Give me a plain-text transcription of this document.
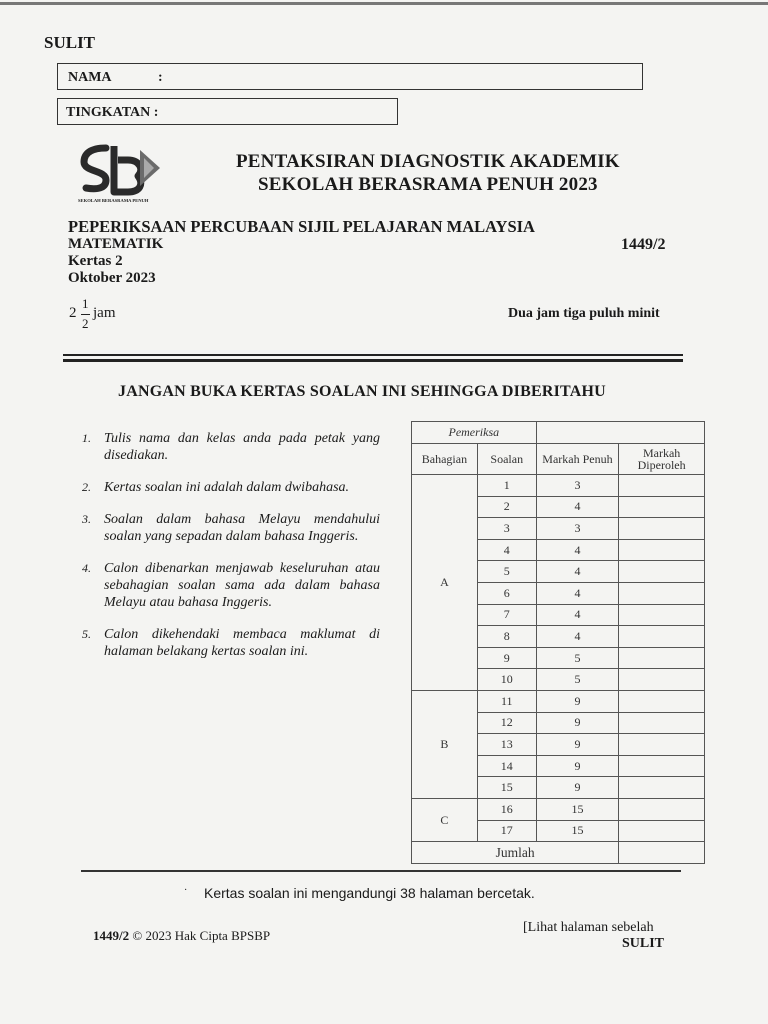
SULIT
NAMA	:
TINGKATAN :
SEKOLAH BERASRAMA PENUH
PENTAKSIRAN DIAGNOSTIK AKADEMIK
SEKOLAH BERASRAMA PENUH 2023
PEPERIKSAAN PERCUBAAN SIJIL PELAJARAN MALAYSIA
MATEMATIK	1449/2
Kertas 2
Oktober 2023
2
1
2
jam	Dua jam tiga puluh minit
JANGAN BUKA KERTAS SOALAN INI SEHINGGA DIBERITAHU
1. Tulis nama dan kelas anda pada petak yang disediakan.
2. Kertas soalan ini adalah dalam dwibahasa.
3. Soalan dalam bahasa Melayu mendahului soalan yang sepadan dalam bahasa Inggeris.
4. Calon dibenarkan menjawab keseluruhan atau sebahagian soalan sama ada dalam bahasa Melayu atau bahasa Inggeris.
5. Calon dikehendaki membaca maklumat di halaman belakang kertas soalan ini.
Pemeriksa			
Bahagian	Soalan	Markah Penuh	Markah Diperoleh
A	1	3	
	2	4	
	3	3	
	4	4	
	5	4	
	6	4	
	7	4	
	8	4	
	9	5	
	10	5	
B	11	9	
	12	9	
	13	9	
	14	9	
	15	9	
C	16	15	
	17	15	
Jumlah			
· Kertas soalan ini mengandungi 38 halaman bercetak.
1449/2 © 2023 Hak Cipta BPSBP
[Lihat halaman sebelah
SULIT
